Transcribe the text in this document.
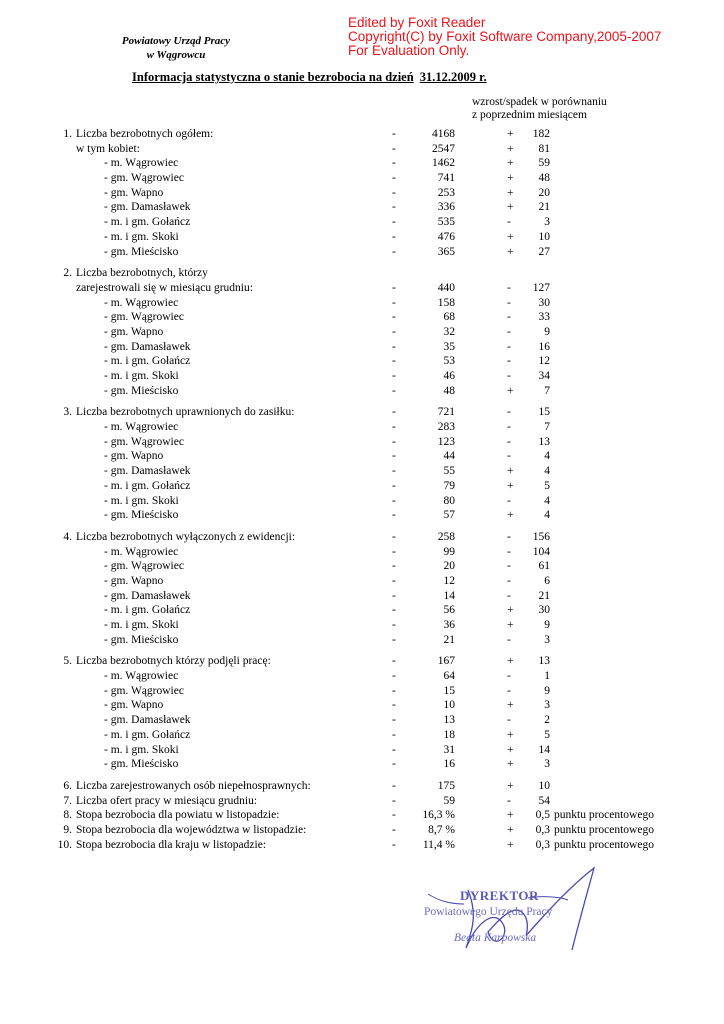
Edited by Foxit Reader
Copyright(C) by Foxit Software Company,2005-2007
For Evaluation Only.
Powiatowy Urząd Pracy
w Wągrowcu
Informacja statystyczna o stanie bezrobocia na dzień 31.12.2009 r.
wzrost/spadek w porównaniu
z poprzednim miesiącem
1. Liczba bezrobotnych ogółem:	-	4168	+	182
w tym kobiet:	-	2547	+	81
- m. Wągrowiec	-	1462	+	59
- gm. Wągrowiec	-	741	+	48
- gm. Wapno	-	253	+	20
- gm. Damasławek	-	336	+	21
- m. i gm. Gołańcz	-	535	-	3
- m. i gm. Skoki	-	476	+	10
- gm. Mieścisko	-	365	+	27
2. Liczba bezrobotnych, którzy
zarejestrowali się w miesiącu grudniu:	-	440	-	127
- m. Wągrowiec	-	158	-	30
- gm. Wągrowiec	-	68	-	33
- gm. Wapno	-	32	-	9
- gm. Damasławek	-	35	-	16
- m. i gm. Gołańcz	-	53	-	12
- m. i gm. Skoki	-	46	-	34
- gm. Mieścisko	-	48	+	7
3. Liczba bezrobotnych uprawnionych do zasiłku:	-	721	-	15
- m. Wągrowiec	-	283	-	7
- gm. Wągrowiec	-	123	-	13
- gm. Wapno	-	44	-	4
- gm. Damasławek	-	55	+	4
- m. i gm. Gołańcz	-	79	+	5
- m. i gm. Skoki	-	80	-	4
- gm. Mieścisko	-	57	+	4
4. Liczba bezrobotnych wyłączonych z ewidencji:	-	258	-	156
- m. Wągrowiec	-	99	-	104
- gm. Wągrowiec	-	20	-	61
- gm. Wapno	-	12	-	6
- gm. Damasławek	-	14	-	21
- m. i gm. Gołańcz	-	56	+	30
- m. i gm. Skoki	-	36	+	9
- gm. Mieścisko	-	21	-	3
5. Liczba bezrobotnych którzy podjęli pracę:	-	167	+	13
- m. Wągrowiec	-	64	-	1
- gm. Wągrowiec	-	15	-	9
- gm. Wapno	-	10	+	3
- gm. Damasławek	-	13	-	2
- m. i gm. Gołańcz	-	18	+	5
- m. i gm. Skoki	-	31	+	14
- gm. Mieścisko	-	16	+	3
6. Liczba zarejestrowanych osób niepełnosprawnych:	-	175	+	10
7. Liczba ofert pracy w miesiącu grudniu:	-	59	-	54
8. Stopa bezrobocia dla powiatu w listopadzie:	-	16,3 %	+	0,5 punktu procentowego
9. Stopa bezrobocia dla województwa w listopadzie:	-	8,7 %	+	0,3 punktu procentowego
10. Stopa bezrobocia dla kraju w listopadzie:	-	11,4 %	+	0,3 punktu procentowego
DYREKTOR
Powiatowego Urzędu Pracy
Beata Karpowska
